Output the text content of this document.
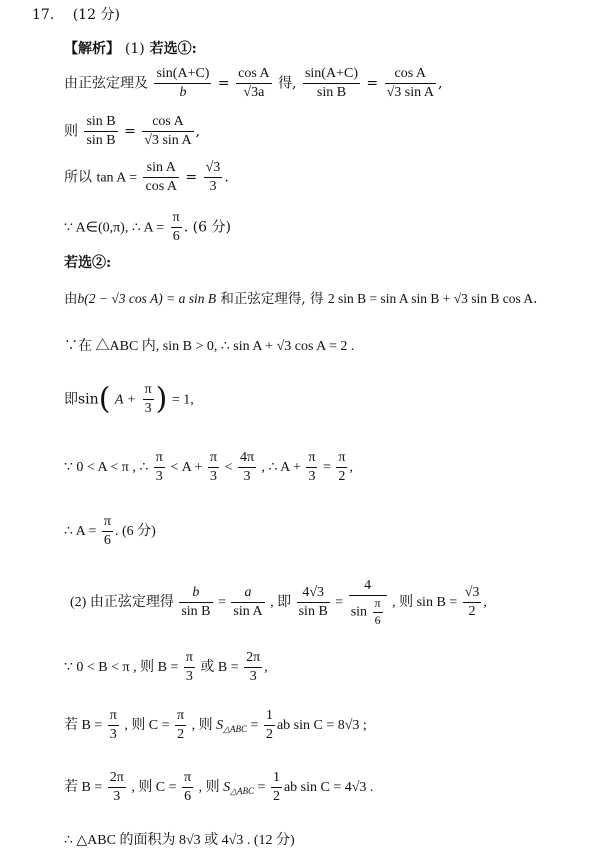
17. (12 分)
【解析】 (1) 若选①:
由正弦定理及 $\frac{\sin(A+C)}{b} = \frac{\text{cos A}}{√3a}$ 得, $\frac{\sin(A+C)}{\text{sin B}} = \frac{\text{cos A}}{\text{√3 sin A}}$ ,
则 $\frac{\text{sin B}}{\text{sin B}} = \frac{\text{cos A}}{\text{√3 sin A}}$ ,
所以 $\tan A = \frac{\text{sin A}}{\text{cos A}} = \frac{√3}{3}$ .
∵ A∈(0,π), ∴ $A = \frac{\pi}{6}$ . (6 分)
若选②:
由b(2 − √3 cos A) = a sin B 和正弦定理得, 得 2 sin B = sin A sin B + √3 sin B cos A.
∵在 △ABC 内, sin B > 0, ∴ sin A + √3 cos A = 2 .
即sin( $A + \frac{\pi}{3}$ ) = 1,
∵ 0 < A < π , ∴ $\frac{\pi}{3} < A + \frac{\pi}{3} < \frac{4\pi}{3}$ , ∴ $A + \frac{\pi}{3} = \frac{\pi}{2}$ ,
∴ $A = \frac{\pi}{6}$ . (6 分)
(2) 由正弦定理得 $\frac{b}{\text{sin B}} = \frac{a}{\text{sin A}}$ , 即 $\frac{4√3}{\text{sin B}} = \frac{4}{\sin \frac{\pi}{6}}$ , 则 $\sin B = \frac{√3}{2}$ ,
∵ 0 < B < π , 则 $B = \frac{\pi}{3}$ 或 $B = \frac{2\pi}{3}$ ,
若 $B = \frac{\pi}{3}$ , 则 $C = \frac{\pi}{2}$ , 则 $S_{\triangle ABC} = \frac{1}{2}$ ab sin C = 8√3 ;
若 $B = \frac{2\pi}{3}$ , 则 $C = \frac{\pi}{6}$ , 则 $S_{\triangle ABC} = \frac{1}{2}$ ab sin C = 4√3 .
∴ △ABC 的面积为 8√3 或 4√3 . (12 分)
